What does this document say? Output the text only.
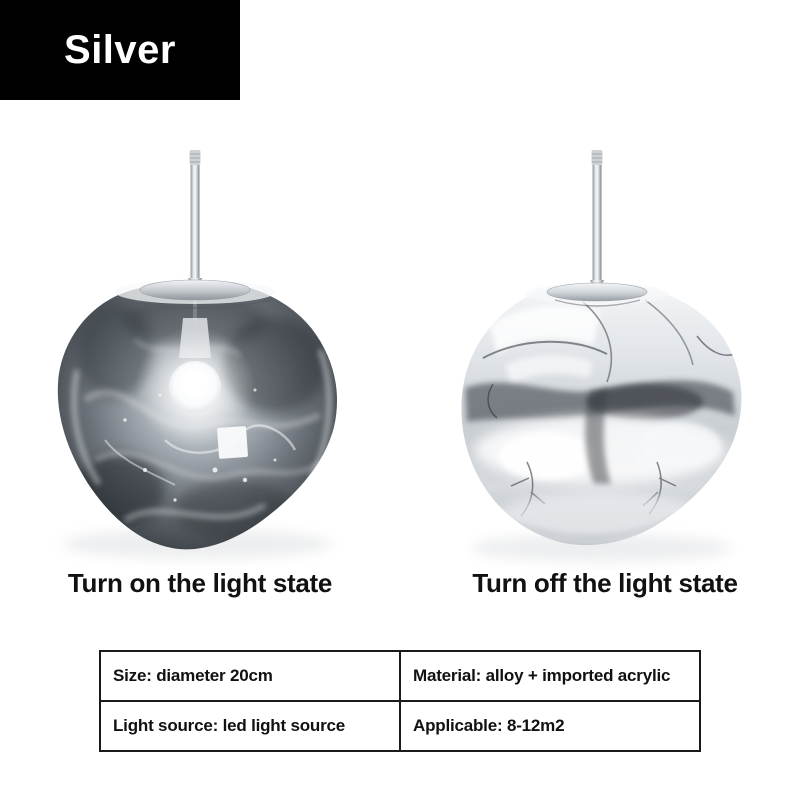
Silver
Turn on the light state	Turn off the light state
Size: diameter 20cm	Material: alloy + imported acrylic
Light source: led light source	Applicable: 8-12m2
